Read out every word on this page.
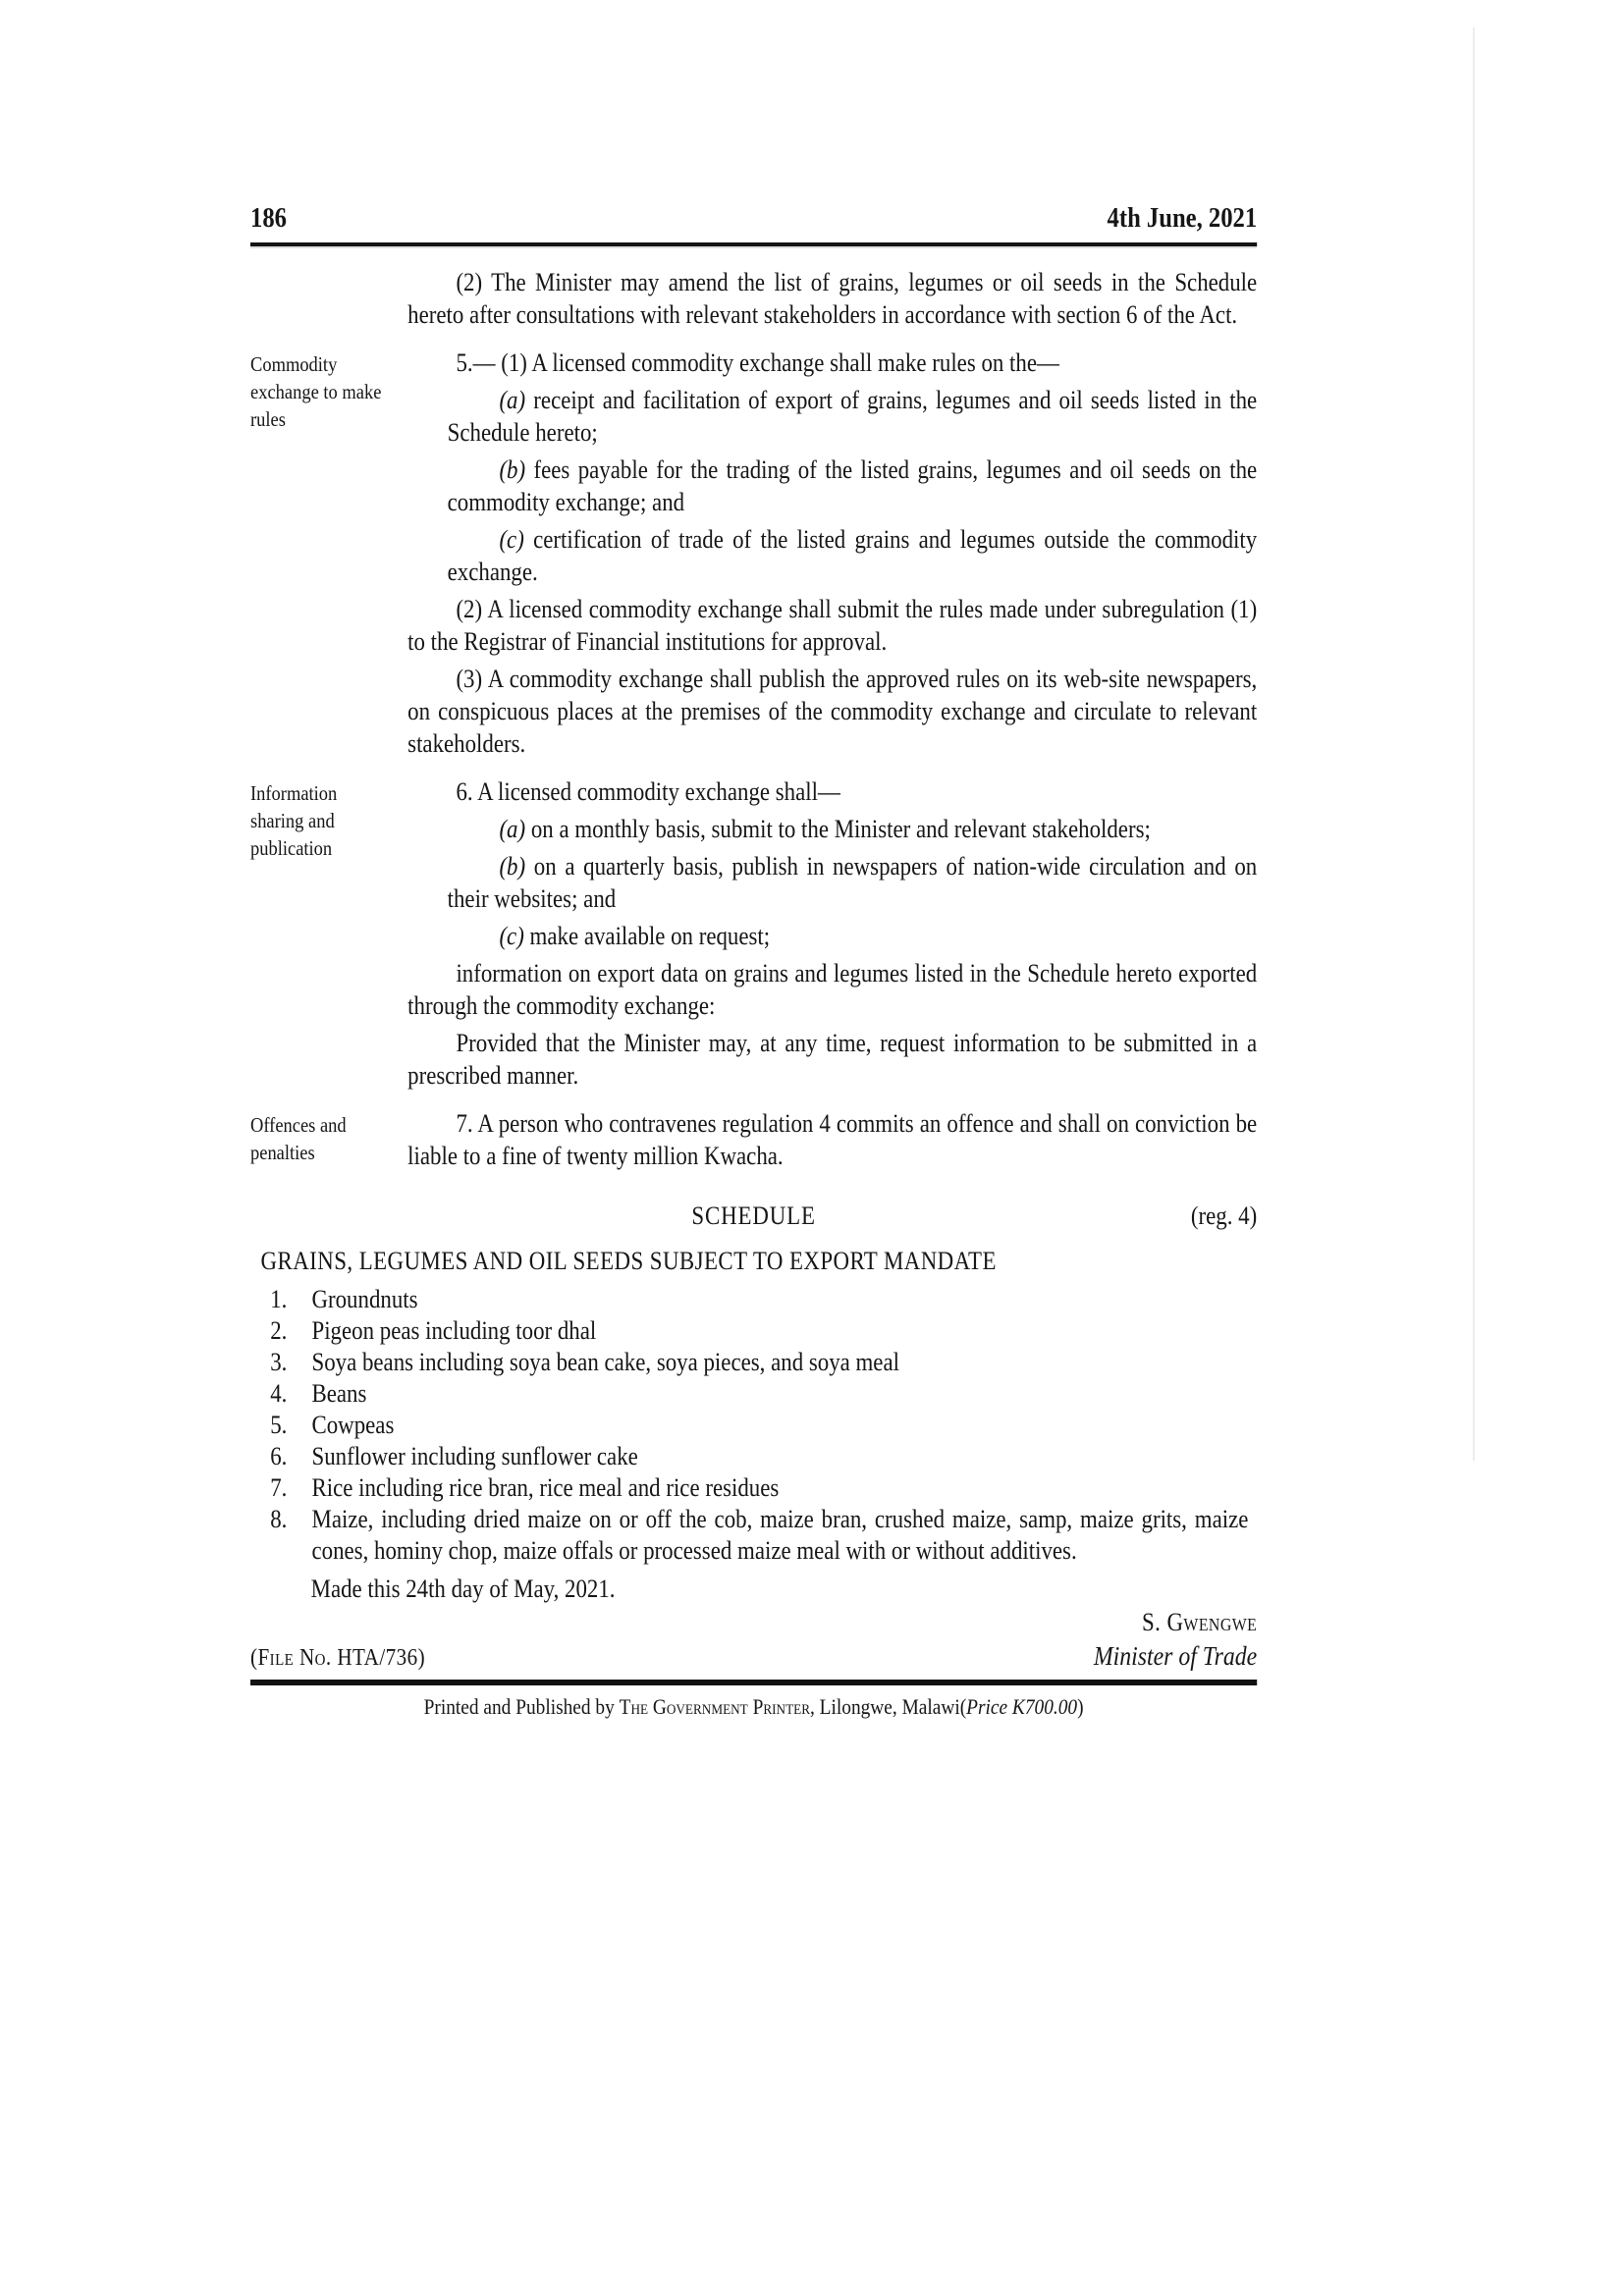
186	4th June, 2021

(2) The Minister may amend the list of grains, legumes or oil seeds in the Schedule hereto after consultations with relevant stakeholders in accordance with section 6 of the Act.

Commodity exchange to make rules

5.— (1) A licensed commodity exchange shall make rules on the—

(a) receipt and facilitation of export of grains, legumes and oil seeds listed in the Schedule hereto;

(b) fees payable for the trading of the listed grains, legumes and oil seeds on the commodity exchange; and

(c) certification of trade of the listed grains and legumes outside the commodity exchange.

(2) A licensed commodity exchange shall submit the rules made under subregulation (1) to the Registrar of Financial institutions for approval.

(3) A commodity exchange shall publish the approved rules on its web-site newspapers, on conspicuous places at the premises of the commodity exchange and circulate to relevant stakeholders.

Information sharing and publication

6. A licensed commodity exchange shall—

(a) on a monthly basis, submit to the Minister and relevant stakeholders;

(b) on a quarterly basis, publish in newspapers of nation-wide circulation and on their websites; and

(c) make available on request;

information on export data on grains and legumes listed in the Schedule hereto exported through the commodity exchange:

Provided that the Minister may, at any time, request information to be submitted in a prescribed manner.

Offences and penalties

7. A person who contravenes regulation 4 commits an offence and shall on conviction be liable to a fine of twenty million Kwacha.

SCHEDULE	(reg. 4)
GRAINS, LEGUMES AND OIL SEEDS SUBJECT TO EXPORT MANDATE
1. Groundnuts
2. Pigeon peas including toor dhal
3. Soya beans including soya bean cake, soya pieces, and soya meal
4. Beans
5. Cowpeas
6. Sunflower including sunflower cake
7. Rice including rice bran, rice meal and rice residues
8. Maize, including dried maize on or off the cob, maize bran, crushed maize, samp, maize grits, maize cones, hominy chop, maize offals or processed maize meal with or without additives.

Made this 24th day of May, 2021.

S. Gwengwe
(File No. HTA/736)	Minister of Trade

Printed and Published by The Government Printer, Lilongwe, Malawi(Price K700.00)
